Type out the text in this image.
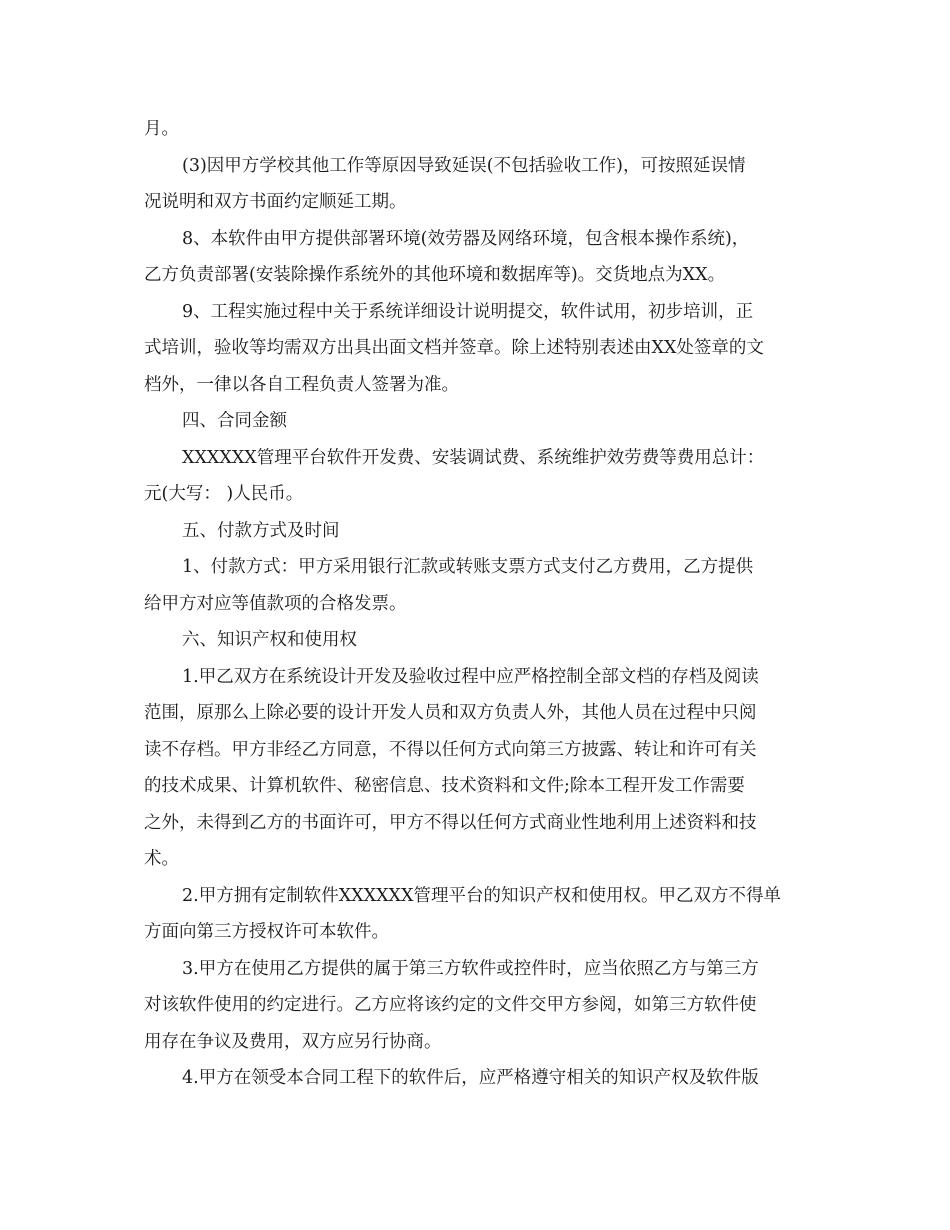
月。
(3)因甲方学校其他工作等原因导致延误(不包括验收工作)，可按照延误情
况说明和双方书面约定顺延工期。
8、本软件由甲方提供部署环境(效劳器及网络环境，包含根本操作系统)，
乙方负责部署(安装除操作系统外的其他环境和数据库等)。交货地点为XX。
9、工程实施过程中关于系统详细设计说明提交，软件试用，初步培训，正
式培训，验收等均需双方出具出面文档并签章。除上述特别表述由XX处签章的文
档外，一律以各自工程负责人签署为准。
四、合同金额
XXXXXX管理平台软件开发费、安装调试费、系统维护效劳费等费用总计：
元(大写： )人民币。
五、付款方式及时间
1、付款方式：甲方采用银行汇款或转账支票方式支付乙方费用，乙方提供
给甲方对应等值款项的合格发票。
六、知识产权和使用权
1.甲乙双方在系统设计开发及验收过程中应严格控制全部文档的存档及阅读
范围，原那么上除必要的设计开发人员和双方负责人外，其他人员在过程中只阅
读不存档。甲方非经乙方同意，不得以任何方式向第三方披露、转让和许可有关
的技术成果、计算机软件、秘密信息、技术资料和文件;除本工程开发工作需要
之外，未得到乙方的书面许可，甲方不得以任何方式商业性地利用上述资料和技
术。
2.甲方拥有定制软件XXXXXX管理平台的知识产权和使用权。甲乙双方不得单
方面向第三方授权许可本软件。
3.甲方在使用乙方提供的属于第三方软件或控件时，应当依照乙方与第三方
对该软件使用的约定进行。乙方应将该约定的文件交甲方参阅，如第三方软件使
用存在争议及费用，双方应另行协商。
4.甲方在领受本合同工程下的软件后，应严格遵守相关的知识产权及软件版
